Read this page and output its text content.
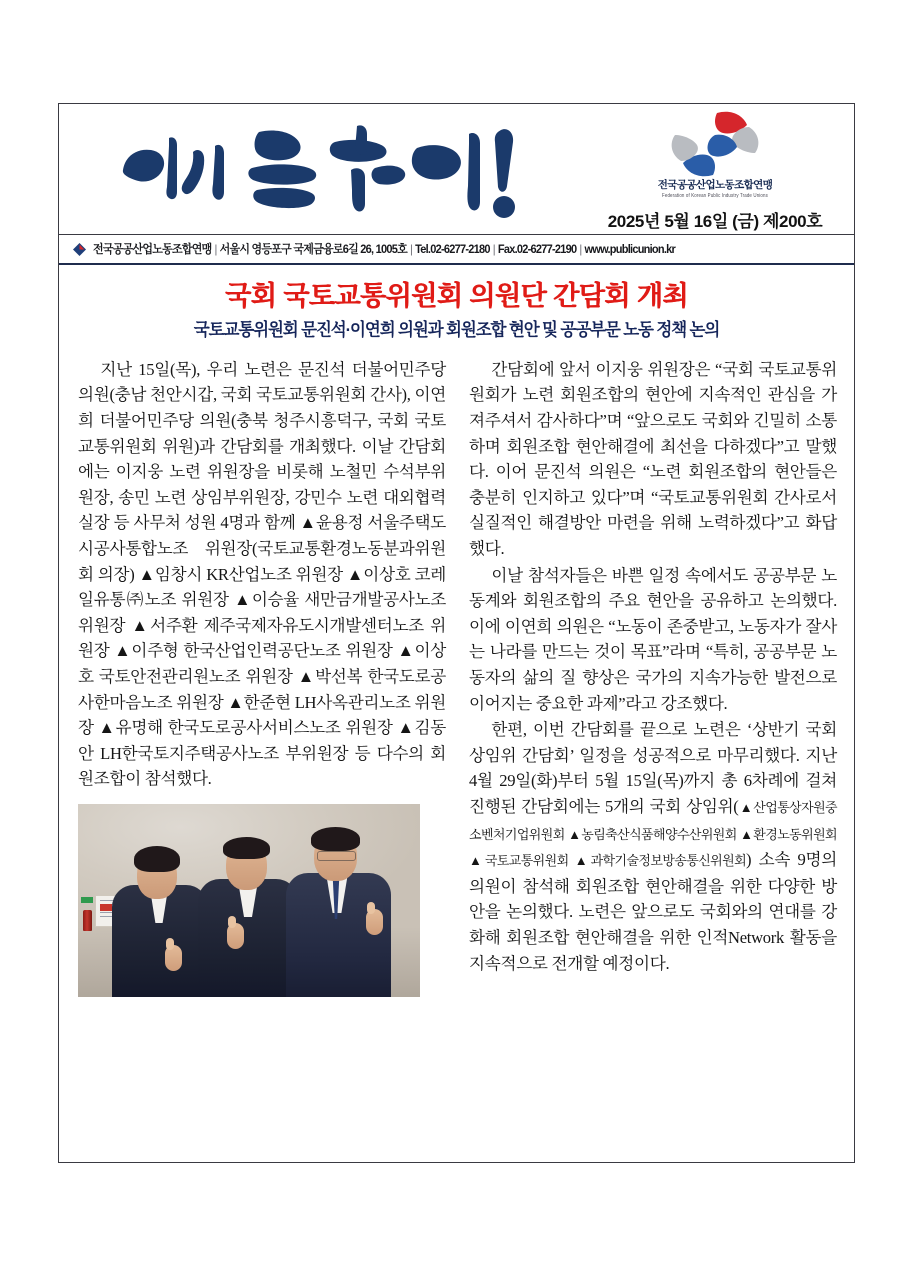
전국공공산업노동조합연맹
Federation of Korean Public Industry Trade Unions
2025년 5월 16일 (금) 제200호
전국공공산업노동조합연맹 | 서울시 영등포구 국제금융로6길 26, 1005호 | Tel.02-6277-2180 | Fax.02-6277-2190 | www.publicunion.kr
국회 국토교통위원회 의원단 간담회 개최
국토교통위원회 문진석·이연희 의원과 회원조합 현안 및 공공부문 노동 정책 논의

지난 15일(목), 우리 노련은 문진석 더불어민주당 의원(충남 천안시갑, 국회 국토교통위원회 간사), 이연희 더불어민주당 의원(충북 청주시흥덕구, 국회 국토교통위원회 위원)과 간담회를 개최했다. 이날 간담회에는 이지웅 노련 위원장을 비롯해 노철민 수석부위원장, 송민 노련 상임부위원장, 강민수 노련 대외협력실장 등 사무처 성원 4명과 함께 ▲윤용정 서울주택도시공사통합노조 위원장(국토교통환경노동분과위원회 의장) ▲임창시 KR산업노조 위원장 ▲이상호 코레일유통㈜노조 위원장 ▲이승율 새만금개발공사노조 위원장 ▲서주환 제주국제자유도시개발센터노조 위원장 ▲이주형 한국산업인력공단노조 위원장 ▲이상호 국토안전관리원노조 위원장 ▲박선복 한국도로공사한마음노조 위원장 ▲한준현 LH사옥관리노조 위원장 ▲유명해 한국도로공사서비스노조 위원장 ▲김동안 LH한국토지주택공사노조 부위원장 등 다수의 회원조합이 참석했다.

간담회에 앞서 이지웅 위원장은 “국회 국토교통위원회가 노련 회원조합의 현안에 지속적인 관심을 가져주셔서 감사하다”며 “앞으로도 국회와 긴밀히 소통하며 회원조합 현안해결에 최선을 다하겠다”고 말했다. 이어 문진석 의원은 “노련 회원조합의 현안들은 충분히 인지하고 있다”며 “국토교통위원회 간사로서 실질적인 해결방안 마련을 위해 노력하겠다”고 화답했다.

이날 참석자들은 바쁜 일정 속에서도 공공부문 노동계와 회원조합의 주요 현안을 공유하고 논의했다. 이에 이연희 의원은 “노동이 존중받고, 노동자가 잘사는 나라를 만드는 것이 목표”라며 “특히, 공공부문 노동자의 삶의 질 향상은 국가의 지속가능한 발전으로 이어지는 중요한 과제”라고 강조했다.

한편, 이번 간담회를 끝으로 노련은 ‘상반기 국회 상임위 간담회’ 일정을 성공적으로 마무리했다. 지난 4월 29일(화)부터 5월 15일(목)까지 총 6차례에 걸쳐 진행된 간담회에는 5개의 국회 상임위(▲산업통상자원중소벤처기업위원회 ▲농림축산식품해양수산위원회 ▲환경노동위원회 ▲국토교통위원회 ▲과학기술정보방송통신위원회) 소속 9명의 의원이 참석해 회원조합 현안해결을 위한 다양한 방안을 논의했다. 노련은 앞으로도 국회와의 연대를 강화해 회원조합 현안해결을 위한 인적Network 활동을 지속적으로 전개할 예정이다.
